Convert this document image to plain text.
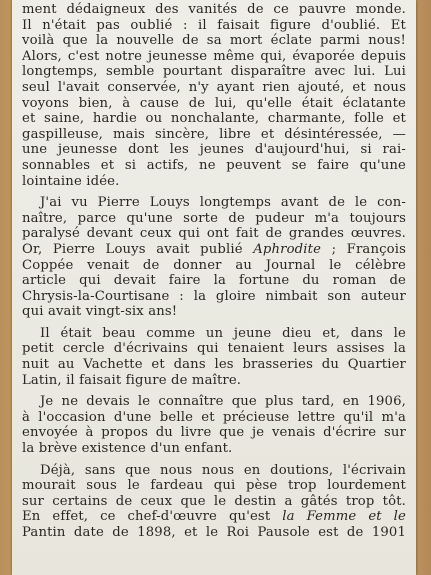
ment dédaigneux des vanités de ce pauvre monde.
Il n'était pas oublié : il faisait figure d'oublié. Et
voilà que la nouvelle de sa mort éclate parmi nous!
Alors, c'est notre jeunesse même qui, évaporée depuis
longtemps, semble pourtant disparaître avec lui. Lui
seul l'avait conservée, n'y ayant rien ajouté, et nous
voyons bien, à cause de lui, qu'elle était éclatante
et saine, hardie ou nonchalante, charmante, folle et
gaspilleuse, mais sincère, libre et désintéressée, —
une jeunesse dont les jeunes d'aujourd'hui, si rai-
sonnables et si actifs, ne peuvent se faire qu'une
lointaine idée.
J'ai vu Pierre Louys longtemps avant de le con-
naître, parce qu'une sorte de pudeur m'a toujours
paralysé devant ceux qui ont fait de grandes œuvres.
Or, Pierre Louys avait publié Aphrodite ; François
Coppée venait de donner au Journal le célèbre
article qui devait faire la fortune du roman de
Chrysis-la-Courtisane : la gloire nimbait son auteur
qui avait vingt-six ans!
Il était beau comme un jeune dieu et, dans le
petit cercle d'écrivains qui tenaient leurs assises la
nuit au Vachette et dans les brasseries du Quartier
Latin, il faisait figure de maître.
Je ne devais le connaître que plus tard, en 1906,
à l'occasion d'une belle et précieuse lettre qu'il m'a
envoyée à propos du livre que je venais d'écrire sur
la brève existence d'un enfant.
Déjà, sans que nous nous en doutions, l'écrivain
mourait sous le fardeau qui pèse trop lourdement
sur certains de ceux que le destin a gâtés trop tôt.
En effet, ce chef-d'œuvre qu'est la Femme et le
Pantin date de 1898, et le Roi Pausole est de 1901
